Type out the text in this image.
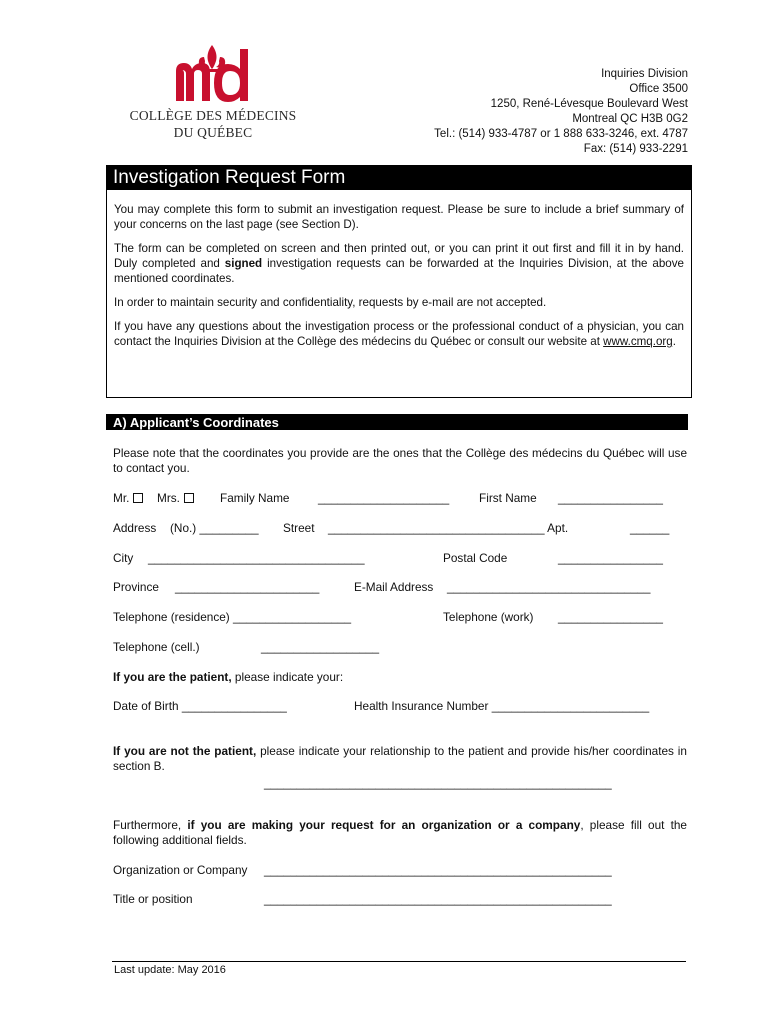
COLLÈGE DES MÉDECINS
DU QUÉBEC
Inquiries Division
Office 3500
1250, René-Lévesque Boulevard West
Montreal QC H3B 0G2
Tel.: (514) 933-4787 or 1 888 633-3246, ext. 4787
Fax: (514) 933-2291
Investigation Request Form

You may complete this form to submit an investigation request. Please be sure to include a brief summary of your concerns on the last page (see Section D).

The form can be completed on screen and then printed out, or you can print it out first and fill it in by hand. Duly completed and signed investigation requests can be forwarded at the Inquiries Division, at the above mentioned coordinates.

In order to maintain security and confidentiality, requests by e-mail are not accepted.

If you have any questions about the investigation process or the professional conduct of a physician, you can contact the Inquiries Division at the Collège des médecins du Québec or consult our website at www.cmq.org.

A) Applicant’s Coordinates
Please note that the coordinates you provide are the ones that the Collège des médecins du Québec will use to contact you.
Mr.	Mrs.	Family Name ____________________	First Name ________________
Address (No.) _________ Street _________________________________ Apt.	______
City _________________________________	Postal Code	________________
Province ______________________	E-Mail Address _______________________________
Telephone (residence) __________________	Telephone (work) ________________
Telephone (cell.)	__________________
If you are the patient, please indicate your:
Date of Birth ________________	Health Insurance Number ________________________
If you are not the patient, please indicate your relationship to the patient and provide his/her coordinates in section B.
_____________________________________________________
Furthermore, if you are making your request for an organization or a company, please fill out the following additional fields.
Organization or Company _____________________________________________________
Title or position	_____________________________________________________
Last update: May 2016
